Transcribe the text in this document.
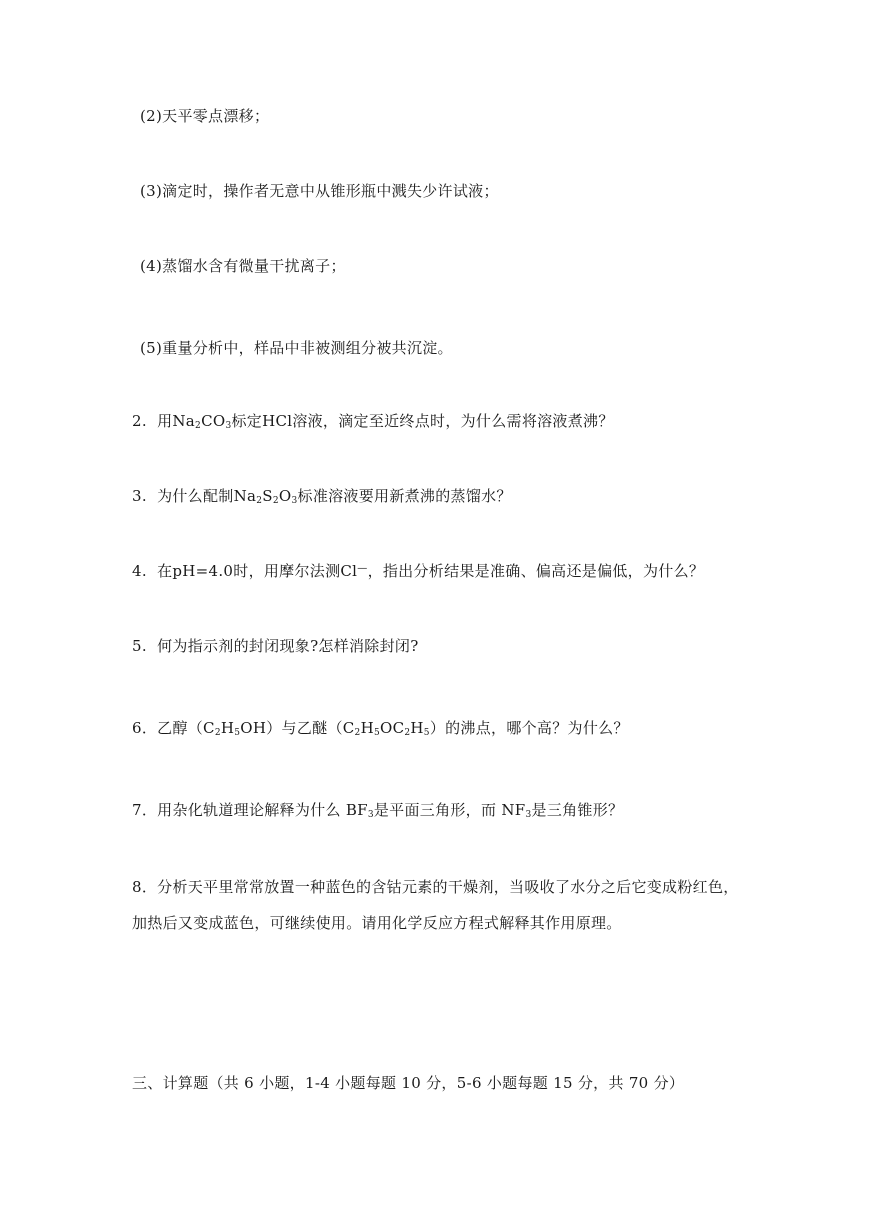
(2)天平零点漂移；
(3)滴定时，操作者无意中从锥形瓶中溅失少许试液；
(4)蒸馏水含有微量干扰离子；
(5)重量分析中，样品中非被测组分被共沉淀。
2. 用$Na_2CO_3$标定HCl溶液，滴定至近终点时，为什么需将溶液煮沸？
3. 为什么配制$Na_2S_2O_3$标准溶液要用新煮沸的蒸馏水？
4. 在pH=4.0时，用摩尔法测Cl—，指出分析结果是准确、偏高还是偏低，为什么？
5. 何为指示剂的封闭现象?怎样消除封闭?
6．乙醇$(C_2H_5OH)$与乙醚$(C_2H_5OC_2H_5)$的沸点，哪个高？为什么？
7．用杂化轨道理论解释为什么 $BF_3$是平面三角形，而 $NF_3$是三角锥形？
8．分析天平里常常放置一种蓝色的含钴元素的干燥剂，当吸收了水分之后它变成粉红色，
加热后又变成蓝色，可继续使用。请用化学反应方程式解释其作用原理。
三、计算题（共 6 小题，1-4 小题每题 10 分，5-6 小题每题 15 分，共 70 分）
